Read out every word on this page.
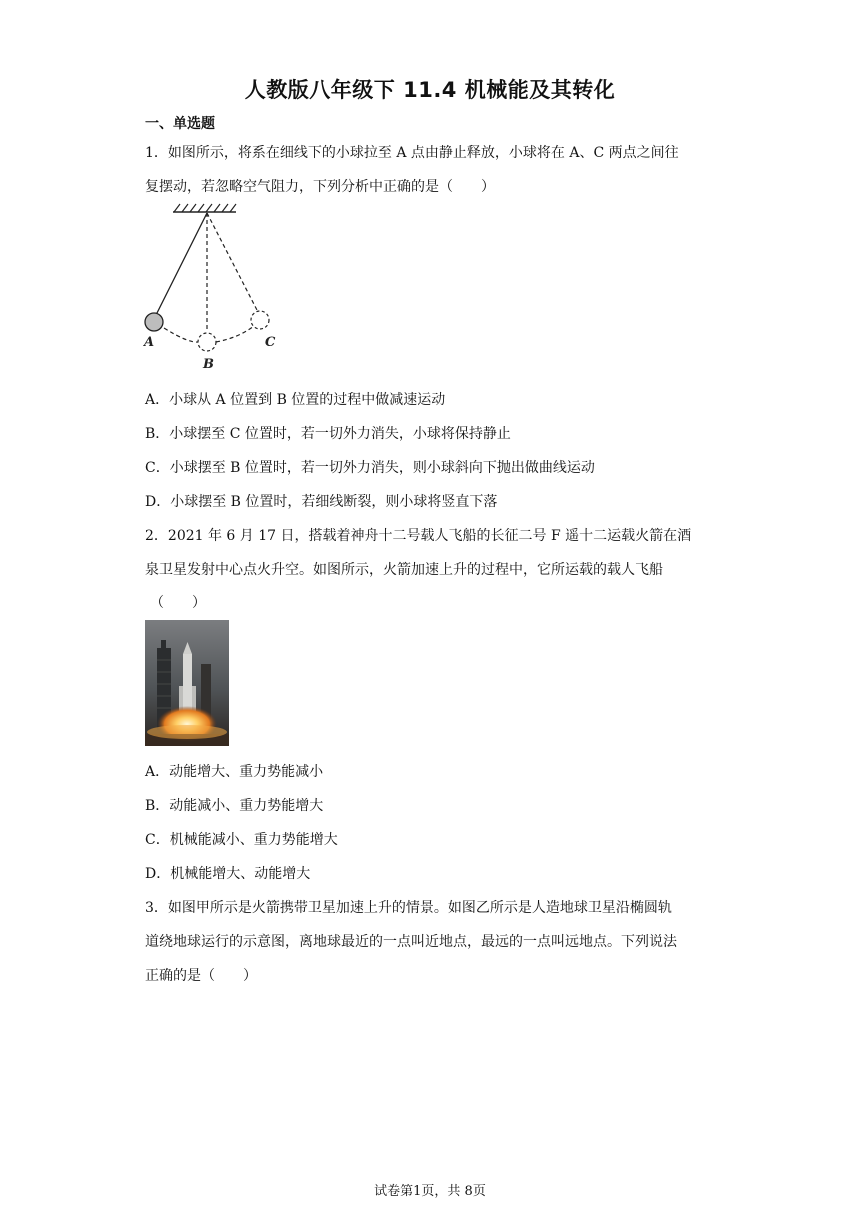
人教版八年级下 11.4 机械能及其转化
一、单选题
1．如图所示，将系在细线下的小球拉至 A 点由静止释放，小球将在 A、C 两点之间往
复摆动，若忽略空气阻力，下列分析中正确的是（　　）
A
B
C
A．小球从 A 位置到 B 位置的过程中做减速运动
B．小球摆至 C 位置时，若一切外力消失，小球将保持静止
C．小球摆至 B 位置时，若一切外力消失，则小球斜向下抛出做曲线运动
D．小球摆至 B 位置时，若细线断裂，则小球将竖直下落
2．2021 年 6 月 17 日，搭载着神舟十二号载人飞船的长征二号 F 遥十二运载火箭在酒
泉卫星发射中心点火升空。如图所示，火箭加速上升的过程中，它所运载的载人飞船
（　　）
A．动能增大、重力势能减小
B．动能减小、重力势能增大
C．机械能减小、重力势能增大
D．机械能增大、动能增大
3．如图甲所示是火箭携带卫星加速上升的情景。如图乙所示是人造地球卫星沿椭圆轨
道绕地球运行的示意图，离地球最近的一点叫近地点，最远的一点叫远地点。下列说法
正确的是（　　）
试卷第1页，共 8页
